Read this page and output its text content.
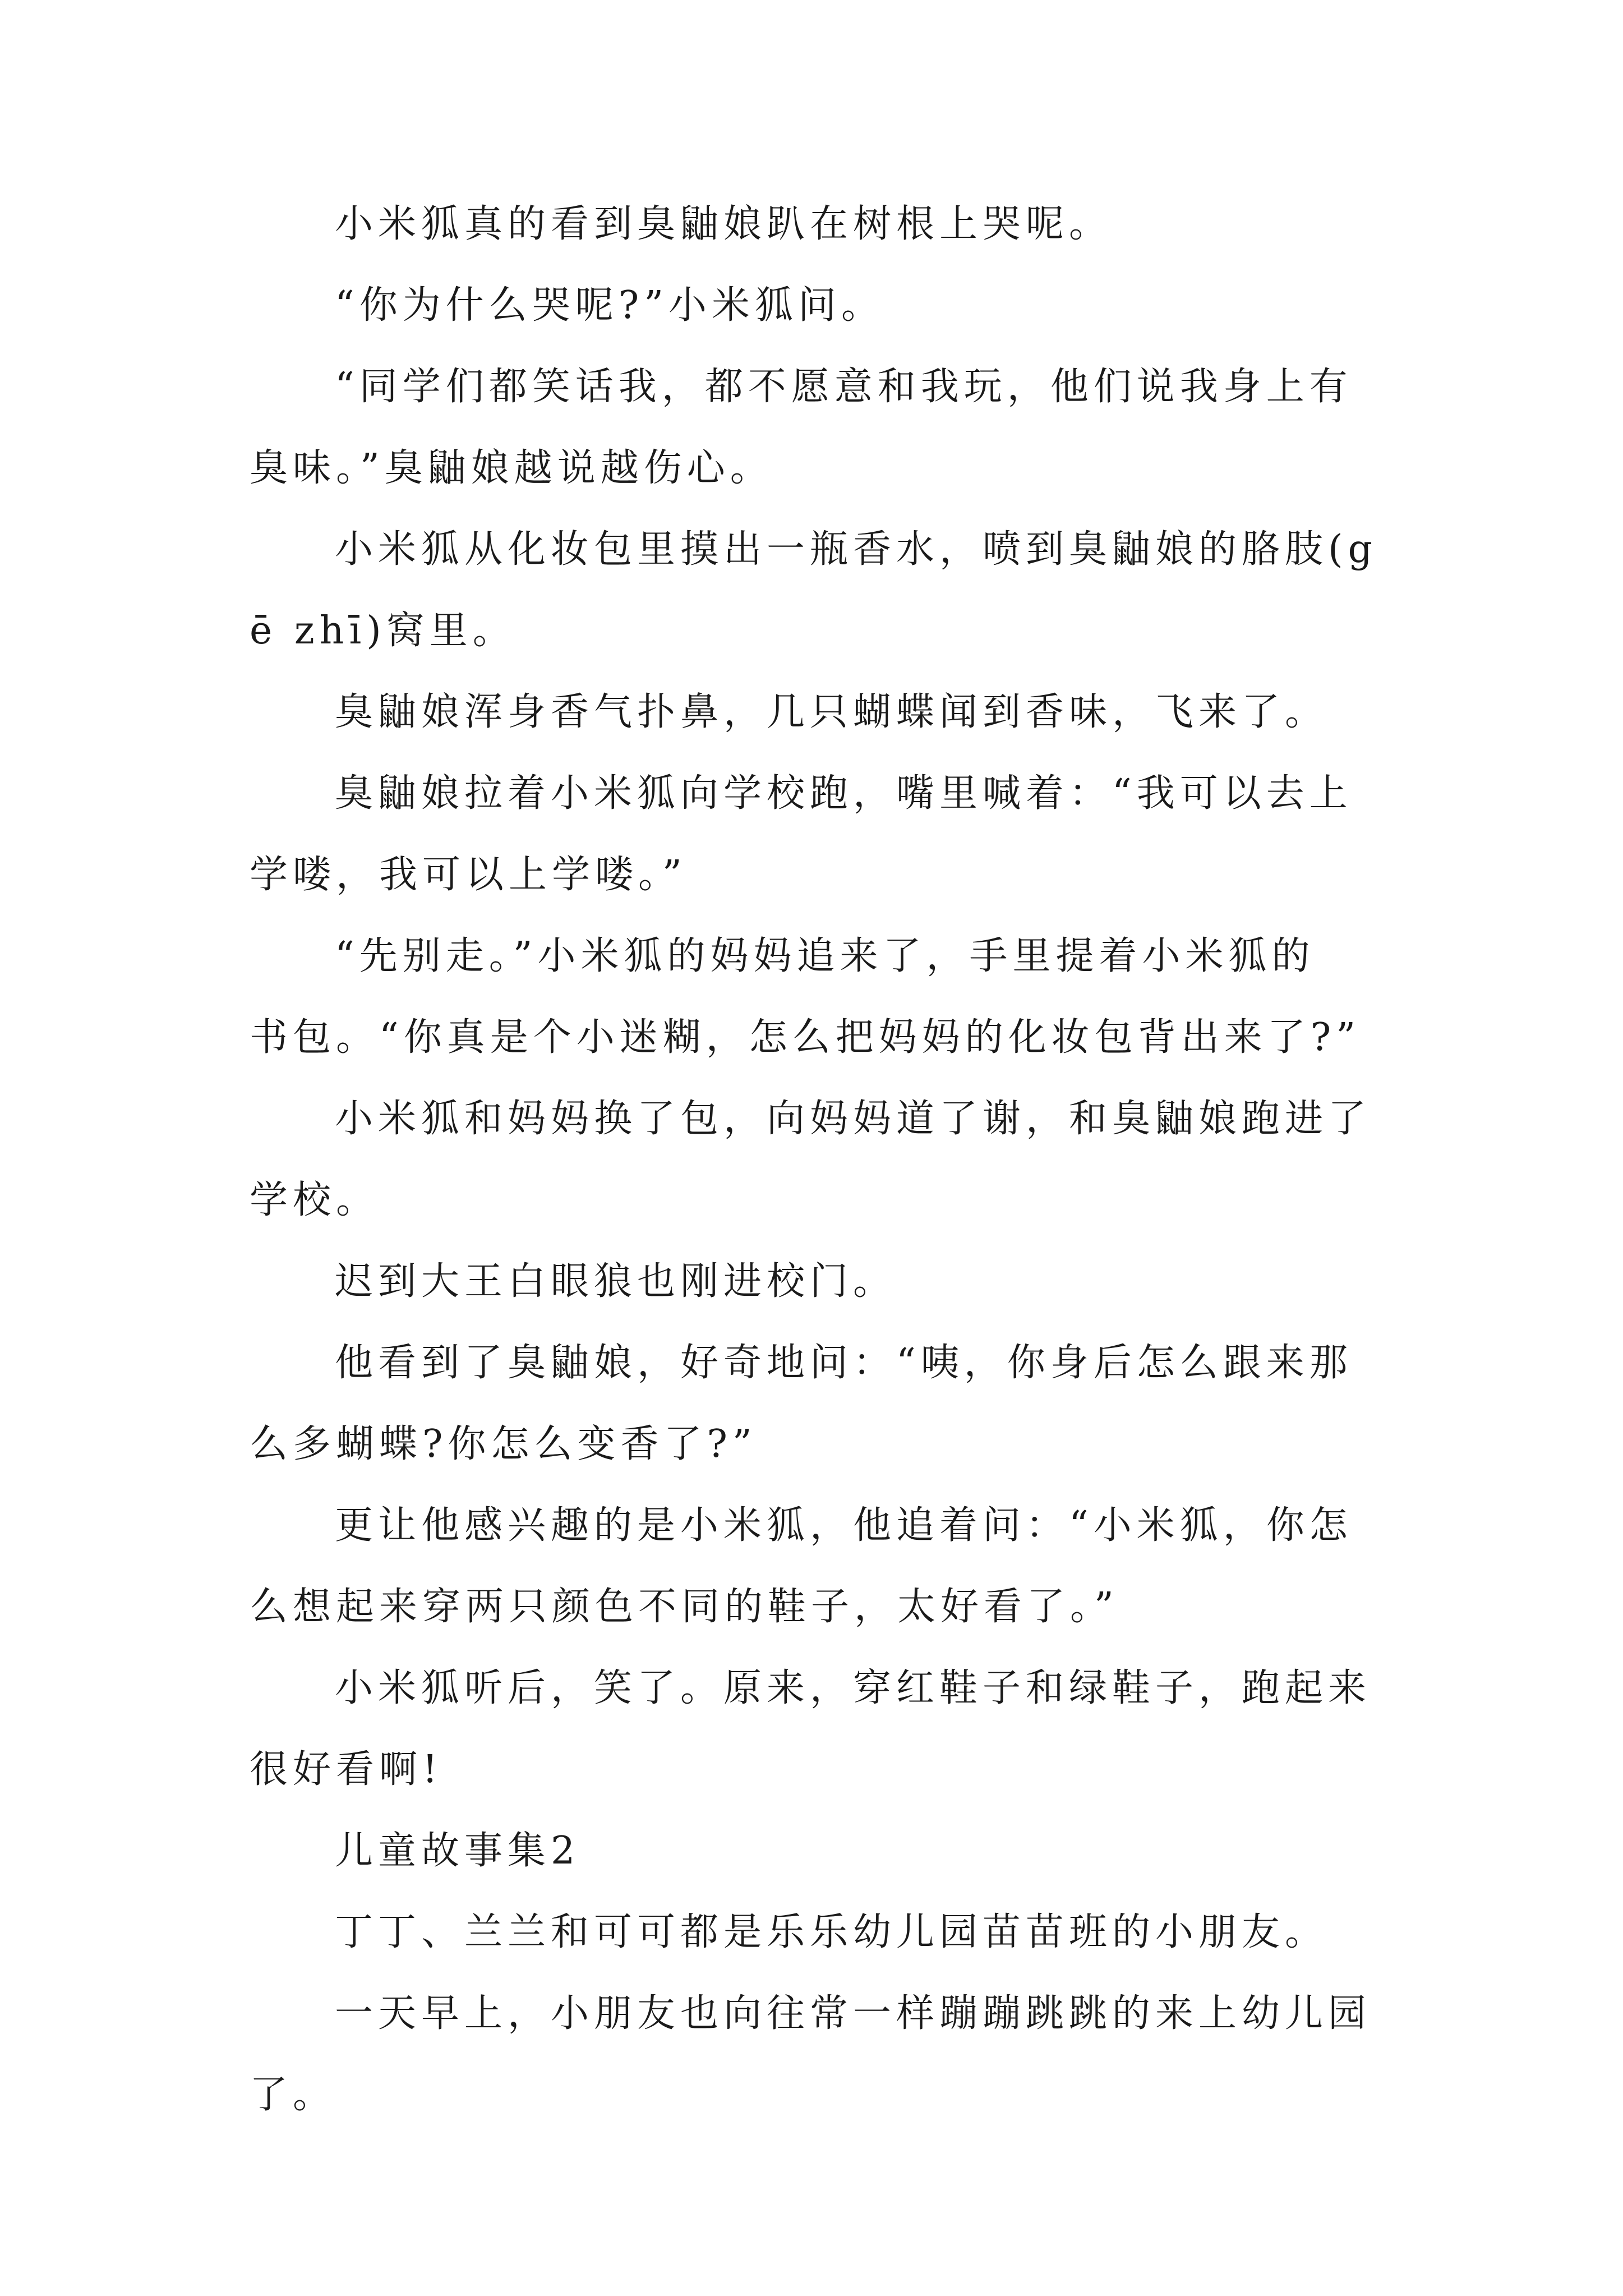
小米狐真的看到臭鼬娘趴在树根上哭呢。
“你为什么哭呢?”小米狐问。
“同学们都笑话我，都不愿意和我玩，他们说我身上有
臭味。”臭鼬娘越说越伤心。
小米狐从化妆包里摸出一瓶香水，喷到臭鼬娘的胳肢(g
ē zhī)窝里。
臭鼬娘浑身香气扑鼻，几只蝴蝶闻到香味，飞来了。
臭鼬娘拉着小米狐向学校跑，嘴里喊着：“我可以去上
学喽，我可以上学喽。”
“先别走。”小米狐的妈妈追来了，手里提着小米狐的
书包。“你真是个小迷糊，怎么把妈妈的化妆包背出来了?”
小米狐和妈妈换了包，向妈妈道了谢，和臭鼬娘跑进了
学校。
迟到大王白眼狼也刚进校门。
他看到了臭鼬娘，好奇地问：“咦，你身后怎么跟来那
么多蝴蝶?你怎么变香了?”
更让他感兴趣的是小米狐，他追着问：“小米狐，你怎
么想起来穿两只颜色不同的鞋子，太好看了。”
小米狐听后，笑了。原来，穿红鞋子和绿鞋子，跑起来
很好看啊!
儿童故事集2
丁丁、兰兰和可可都是乐乐幼儿园苗苗班的小朋友。
一天早上，小朋友也向往常一样蹦蹦跳跳的来上幼儿园
了。
